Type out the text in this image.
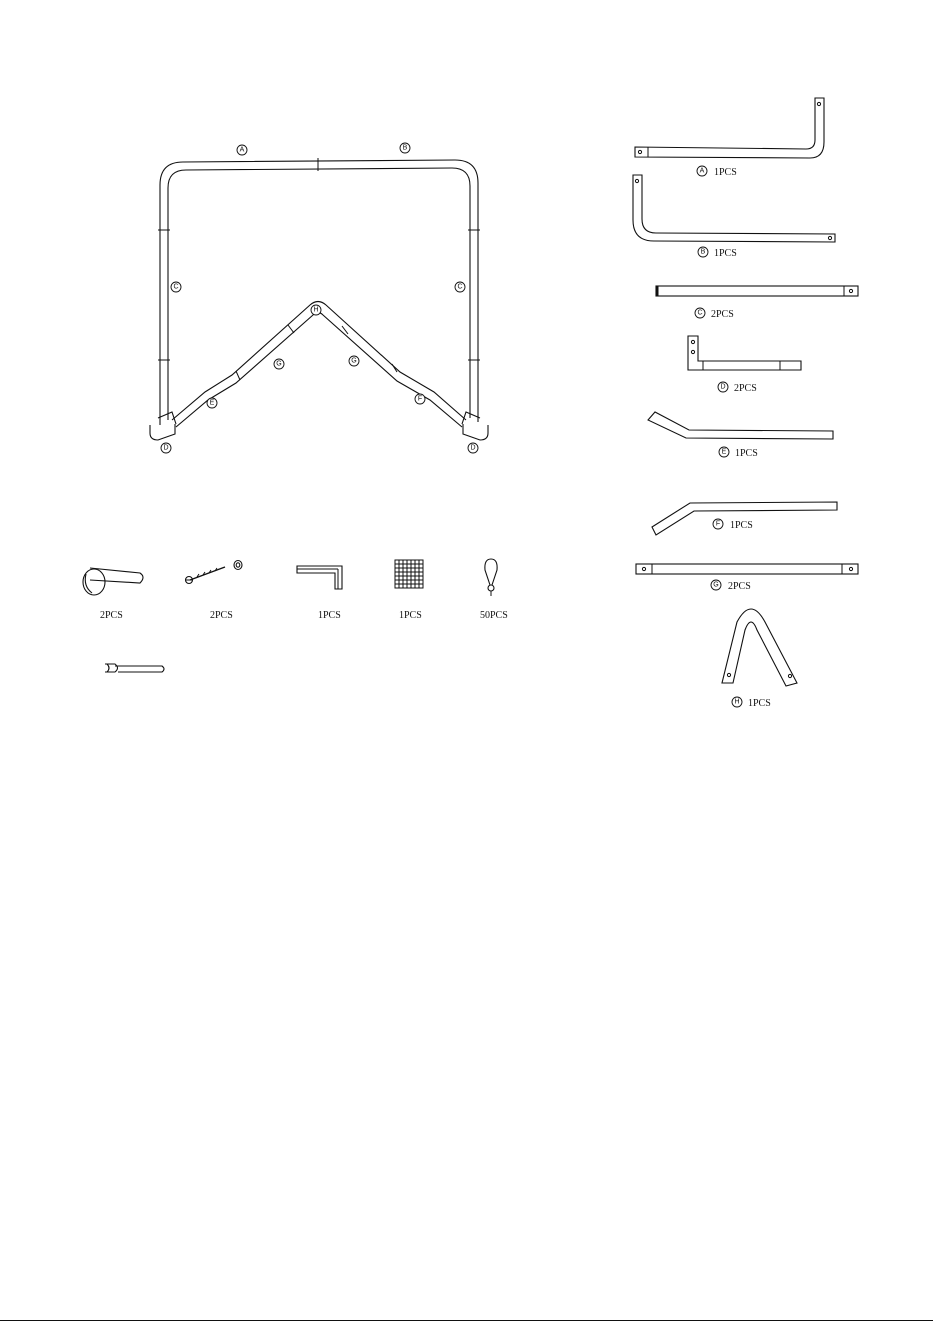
A	B
C	C
H
G	G
E
F
D	D
A 1PCS
B 1PCS
C 2PCS
D 2PCS
E 1PCS
F 1PCS
G 2PCS
H 1PCS
2PCS	2PCS	1PCS	1PCS	50PCS
